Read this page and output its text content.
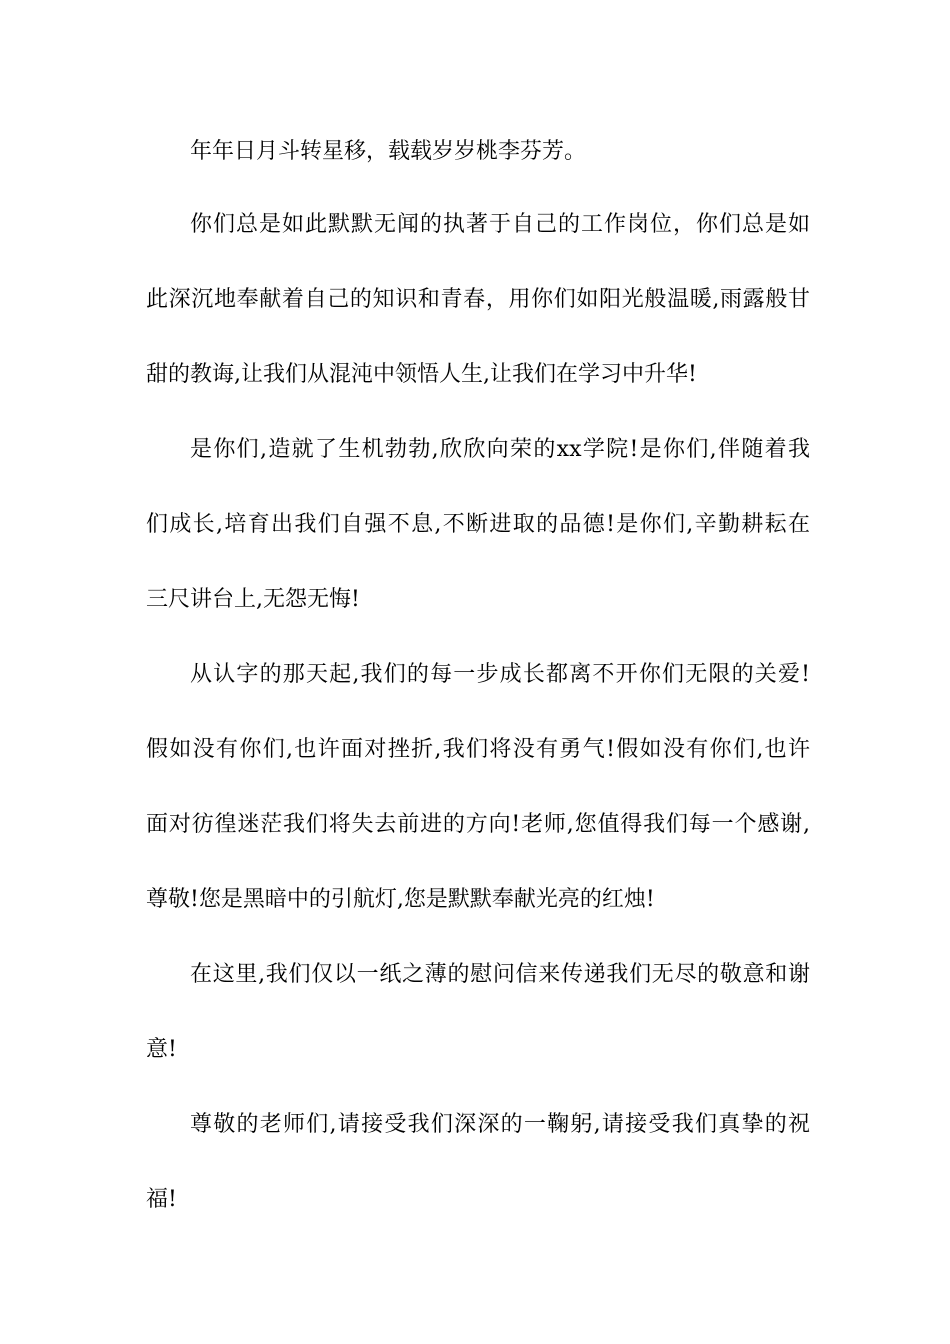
年年日月斗转星移，载载岁岁桃李芬芳。
你们总是如此默默无闻的执著于自己的工作岗位，你们总是如
此深沉地奉献着自己的知识和青春，用你们如阳光般温暖,雨露般甘
甜的教诲,让我们从混沌中领悟人生,让我们在学习中升华!
是你们,造就了生机勃勃,欣欣向荣的xx学院!是你们,伴随着我
们成长,培育出我们自强不息,不断进取的品德!是你们,辛勤耕耘在
三尺讲台上,无怨无悔!
从认字的那天起,我们的每一步成长都离不开你们无限的关爱!
假如没有你们,也许面对挫折,我们将没有勇气!假如没有你们,也许
面对彷徨迷茫我们将失去前进的方向!老师,您值得我们每一个感谢,
尊敬!您是黑暗中的引航灯,您是默默奉献光亮的红烛!
在这里,我们仅以一纸之薄的慰问信来传递我们无尽的敬意和谢
意!
尊敬的老师们,请接受我们深深的一鞠躬,请接受我们真挚的祝
福!
